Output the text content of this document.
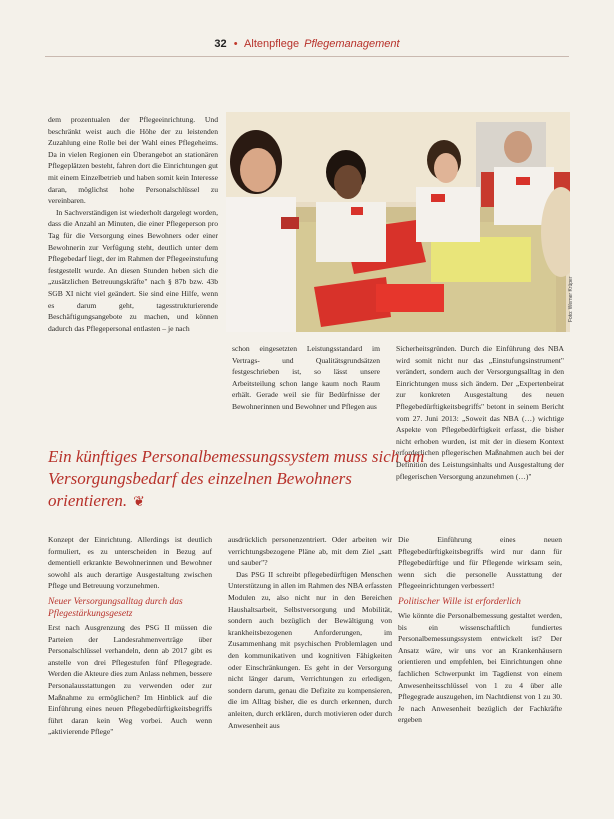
32 • Altenpflege Pflegemanagement

dem prozentualen der Pflegeeinrichtung. Und beschränkt weist auch die Höhe der zu leistenden Zuzahlung eine Rolle bei der Wahl eines Pflegeheims. Da in vielen Regionen ein Überangebot an stationären Pflegeplätzen besteht, fahren dort die Einrichtungen gut mit einem Einzelbetrieb und haben somit kein Interesse daran, möglichst hohe Personalschlüssel zu vereinbaren.

In Sachverständigen ist wiederholt dargelegt worden, dass die Anzahl an Minuten, die einer Pflegeperson pro Tag für die Versorgung eines Bewohners oder einer Bewohnerin zur Verfügung steht, deutlich unter dem Pflegebedarf liegt, der im Rahmen der Pflegeeinstufung festgestellt wurde. An diesen Stunden heben sich die „zusätzlichen Betreuungskräfte" nach § 87b bzw. 43b SGB XI nicht viel geändert. Sie sind eine Hilfe, wenn es darum geht, tagesstrukturierende Beschäftigungsangebote zu machen, und können dadurch das Pflegepersonal entlasten – je nach

Foto: Werner Krüper

schon eingesetzten Leistungsstandard im Vertrags- und Qualitätsgrundsätzen festgeschrieben ist, so lässt unsere Arbeitsteilung schon lange kaum noch Raum erhält. Gerade weil sie für Bedürfnisse der Bewohnerinnen und Bewohner und Pflegen aus

Sicherheitsgründen. Durch die Einführung des NBA wird somit nicht nur das „Einstufungsinstrument" verändert, sondern auch der Versorgungsalltag in den Einrichtungen muss sich ändern. Der „Expertenbeirat zur konkreten Ausgestaltung des neuen Pflegebedürftigkeitsbegriffs" betont in seinem Bericht vom 27. Juni 2013: „Soweit das NBA (…) wichtige Aspekte von Pflegebedürftigkeit erfasst, die bisher nicht erhoben wurden, ist mit der in diesem Kontext erforderlichen pflegerischen Maßnahmen auch bei der Definition des Leistungsinhalts und Ausgestaltung der pflegerischen Versorgung anzunehmen (…)"

Ein künftiges Personalbemessungssystem muss sich am Versorgungsbedarf des einzelnen Bewohners orientieren. ❦

Konzept der Einrichtung. Allerdings ist deutlich formuliert, es zu unterscheiden in Bezug auf dementiell erkrankte Bewohnerinnen und Bewohner sowohl als auch derartige Ausgestaltung zwischen Pflege und Betreuung vorzunehmen.

Neuer Versorgungsalltag durch das Pflegestärkungsgesetz

Erst nach Ausgrenzung des PSG II müssen die Parteien der Landesrahmenverträge über Personalschlüssel verhandeln, denn ab 2017 gibt es anstelle von drei Pflegestufen fünf Pflegegrade. Werden die Akteure dies zum Anlass nehmen, bessere Personalausstattungen zu verwenden oder zur Maßnahme zu ermöglichen? Im Hinblick auf die Einführung eines neuen Pflegebedürftigkeitsbegriffs führt daran kein Weg vorbei. Auch wenn „aktivierende Pflege"

ausdrücklich personenzentriert. Oder arbeiten wir verrichtungsbezogene Pläne ab, mit dem Ziel „satt und sauber"?

Das PSG II schreibt pflegebedürftigen Menschen Unterstützung in allen im Rahmen des NBA erfassten Modulen zu, also nicht nur in den Bereichen Haushaltsarbeit, Selbstversorgung und Mobilität, sondern auch bezüglich der Bewältigung von krankheitsbezogenen Anforderungen, im Zusammenhang mit psychischen Problemlagen und den kommunikativen und kognitiven Fähigkeiten oder Einschränkungen. Es geht in der Versorgung nicht länger darum, Verrichtungen zu erledigen, sondern darum, genau die Defizite zu kompensieren, die im Alltag bisher, die es durch erkennen, durch anleiten, durch erklären, durch motivieren oder durch Anwesenheit aus

Die Einführung eines neuen Pflegebedürftigkeitsbegriffs wird nur dann für Pflegebedürftige und für Pflegende wirksam sein, wenn sich die personelle Ausstattung der Pflegeeinrichtungen verbessert!

Politischer Wille ist erforderlich

Wie könnte die Personalbemessung gestaltet werden, bis ein wissenschaftlich fundiertes Personalbemessungssystem entwickelt ist? Der Ansatz wäre, wir uns vor an Krankenhäusern orientieren und empfehlen, bei Einrichtungen ohne fachlichen Schwerpunkt im Tagdienst von einem Anwesenheitsschlüssel von 1 zu 4 über alle Pflegegrade auszugehen, im Nachtdienst von 1 zu 30. Je nach Anwesenheit bezüglich der Fachkräfte ergeben
